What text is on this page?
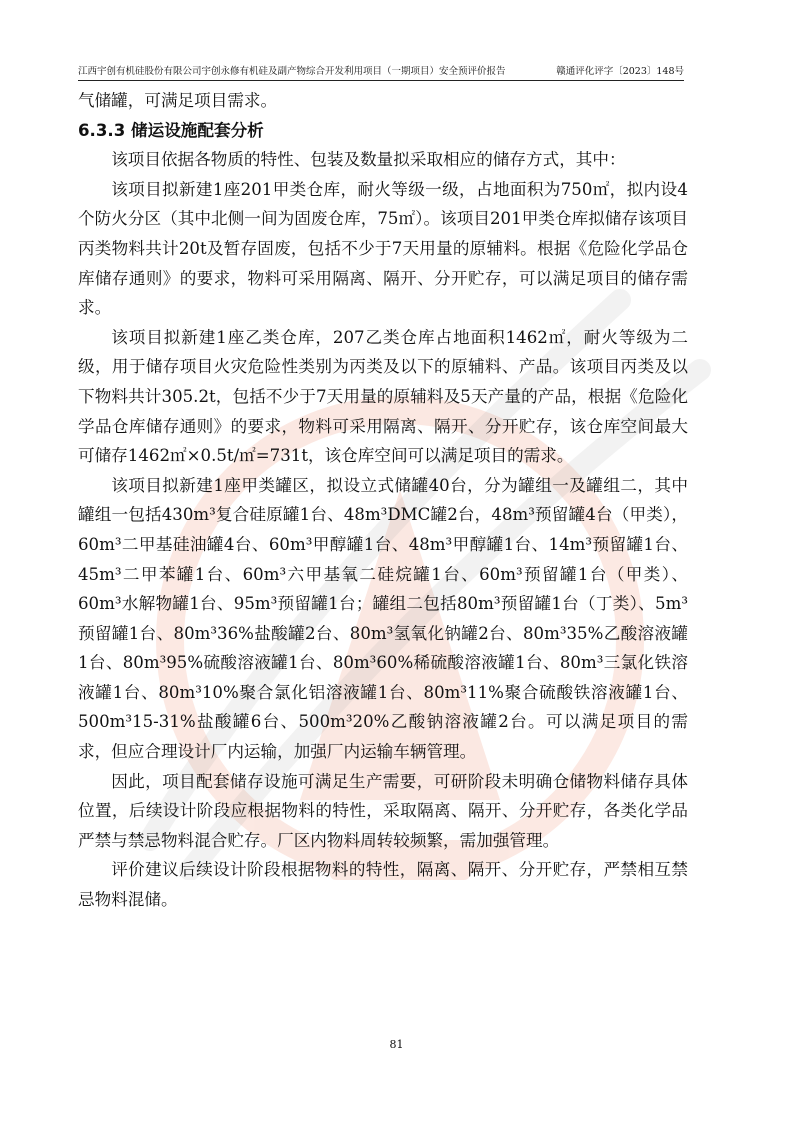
江西宇创有机硅股份有限公司宇创永修有机硅及副产物综合开发利用项目（一期项目）安全预评价报告	赣通评化评字〔2023〕148号

气储罐，可满足项目需求。

6.3.3 储运设施配套分析

该项目依据各物质的特性、包装及数量拟采取相应的储存方式，其中：

该项目拟新建1座201甲类仓库，耐火等级一级，占地面积为750㎡，拟内设4个防火分区（其中北侧一间为固废仓库，75㎡）。该项目201甲类仓库拟储存该项目丙类物料共计20t及暂存固废，包括不少于7天用量的原辅料。根据《危险化学品仓库储存通则》的要求，物料可采用隔离、隔开、分开贮存，可以满足项目的储存需求。

该项目拟新建1座乙类仓库，207乙类仓库占地面积1462㎡，耐火等级为二级，用于储存项目火灾危险性类别为丙类及以下的原辅料、产品。该项目丙类及以下物料共计305.2t，包括不少于7天用量的原辅料及5天产量的产品，根据《危险化学品仓库储存通则》的要求，物料可采用隔离、隔开、分开贮存，该仓库空间最大可储存1462㎡×0.5t/㎡=731t，该仓库空间可以满足项目的需求。

该项目拟新建1座甲类罐区，拟设立式储罐40台，分为罐组一及罐组二，其中罐组一包括430m³复合硅原罐1台、48m³DMC罐2台，48m³预留罐4台（甲类），60m³二甲基硅油罐4台、60m³甲醇罐1台、48m³甲醇罐1台、14m³预留罐1台、45m³二甲苯罐1台、60m³六甲基氧二硅烷罐1台、60m³预留罐1台（甲类）、60m³水解物罐1台、95m³预留罐1台；罐组二包括80m³预留罐1台（丁类）、5m³预留罐1台、80m³36%盐酸罐2台、80m³氢氧化钠罐2台、80m³35%乙酸溶液罐1台、80m³95%硫酸溶液罐1台、80m³60%稀硫酸溶液罐1台、80m³三氯化铁溶液罐1台、80m³10%聚合氯化铝溶液罐1台、80m³11%聚合硫酸铁溶液罐1台、500m³15-31%盐酸罐6台、500m³20%乙酸钠溶液罐2台。可以满足项目的需求，但应合理设计厂内运输，加强厂内运输车辆管理。

因此，项目配套储存设施可满足生产需要，可研阶段未明确仓储物料储存具体位置，后续设计阶段应根据物料的特性，采取隔离、隔开、分开贮存，各类化学品严禁与禁忌物料混合贮存。厂区内物料周转较频繁，需加强管理。

评价建议后续设计阶段根据物料的特性，隔离、隔开、分开贮存，严禁相互禁忌物料混储。

81
